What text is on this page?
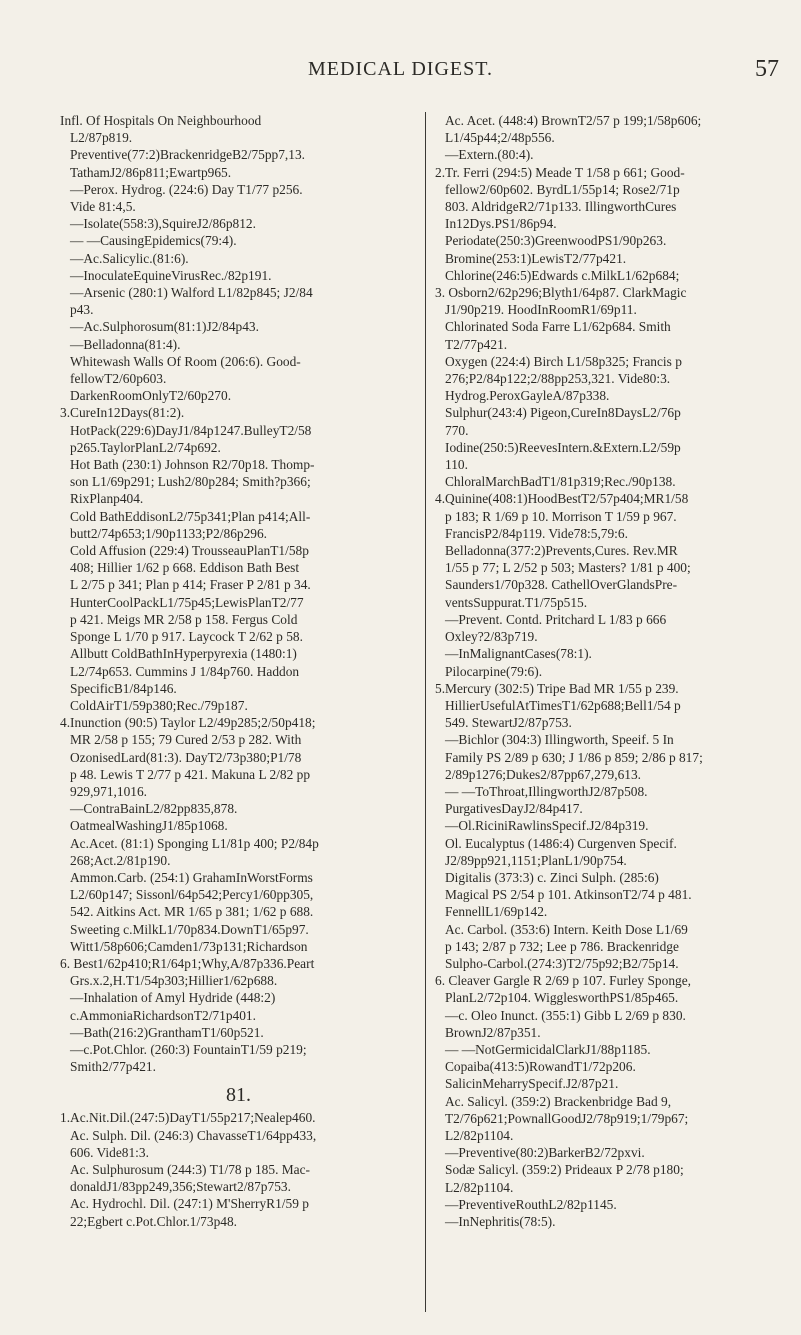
MEDICAL DIGEST.	57
Infl. Of Hospitals On Neighbourhood
L2/87p819.
Preventive(77:2)BrackenridgeB2/75pp7,13.
TathamJ2/86p811;Ewartp965.
—Perox. Hydrog. (224:6) Day T1/77 p256.
Vide 81:4,5.
—Isolate(558:3),SquireJ2/86p812.
— —CausingEpidemics(79:4).
—Ac.Salicylic.(81:6).
—InoculateEquineVirusRec./82p191.
—Arsenic (280:1) Walford L1/82p845; J2/84
p43.
—Ac.Sulphorosum(81:1)J2/84p43.
—Belladonna(81:4).
Whitewash Walls Of Room (206:6). Good-
fellowT2/60p603.
DarkenRoomOnlyT2/60p270.
3.CureIn12Days(81:2).
HotPack(229:6)DayJ1/84p1247.BulleyT2/58
p265.TaylorPlanL2/74p692.
Hot Bath (230:1) Johnson R2/70p18. Thomp-
son L1/69p291; Lush2/80p284; Smith?p366;
RixPlanp404.
Cold BathEddisonL2/75p341;Plan p414;All-
butt2/74p653;1/90p1133;P2/86p296.
Cold Affusion (229:4) TrousseauPlanT1/58p
408; Hillier 1/62 p 668. Eddison Bath Best
L 2/75 p 341; Plan p 414; Fraser P 2/81 p 34.
HunterCoolPackL1/75p45;LewisPlanT2/77
p 421. Meigs MR 2/58 p 158. Fergus Cold
Sponge L 1/70 p 917. Laycock T 2/62 p 58.
Allbutt ColdBathInHyperpyrexia (1480:1)
L2/74p653. Cummins J 1/84p760. Haddon
SpecificB1/84p146.
ColdAirT1/59p380;Rec./79p187.
4.Inunction (90:5) Taylor L2/49p285;2/50p418;
MR 2/58 p 155; 79 Cured 2/53 p 282. With
OzonisedLard(81:3). DayT2/73p380;P1/78
p 48. Lewis T 2/77 p 421. Makuna L 2/82 pp
929,971,1016.
—ContraBainL2/82pp835,878.
OatmealWashingJ1/85p1068.
Ac.Acet. (81:1) Sponging L1/81p 400; P2/84p
268;Act.2/81p190.
Ammon.Carb. (254:1) GrahamInWorstForms
L2/60p147; Sissonl/64p542;Percy1/60pp305,
542. Aitkins Act. MR 1/65 p 381; 1/62 p 688.
Sweeting c.MilkL1/70p834.DownT1/65p97.
Witt1/58p606;Camden1/73p131;Richardson
6. Best1/62p410;R1/64p1;Why,A/87p336.Peart
Grs.x.2,H.T1/54p303;Hillier1/62p688.
—Inhalation of Amyl Hydride (448:2)
c.AmmoniaRichardsonT2/71p401.
—Bath(216:2)GranthamT1/60p521.
—c.Pot.Chlor. (260:3) FountainT1/59 p219;
Smith2/77p421.
81.
1.Ac.Nit.Dil.(247:5)DayT1/55p217;Nealep460.
Ac. Sulph. Dil. (246:3) ChavasseT1/64pp433,
606. Vide81:3.
Ac. Sulphurosum (244:3) T1/78 p 185. Mac-
donaldJ1/83pp249,356;Stewart2/87p753.
Ac. Hydrochl. Dil. (247:1) M'SherryR1/59 p
22;Egbert c.Pot.Chlor.1/73p48.
Ac. Acet. (448:4) BrownT2/57 p 199;1/58p606;
L1/45p44;2/48p556.
—Extern.(80:4).
2.Tr. Ferri (294:5) Meade T 1/58 p 661; Good-
fellow2/60p602. ByrdL1/55p14; Rose2/71p
803. AldridgeR2/71p133. IllingworthCures
In12Dys.PS1/86p94.
Periodate(250:3)GreenwoodPS1/90p263.
Bromine(253:1)LewisT2/77p421.
Chlorine(246:5)Edwards c.MilkL1/62p684;
3. Osborn2/62p296;Blyth1/64p87. ClarkMagic
J1/90p219. HoodInRoomR1/69p11.
Chlorinated Soda Farre L1/62p684. Smith
T2/77p421.
Oxygen (224:4) Birch L1/58p325; Francis p
276;P2/84p122;2/88pp253,321. Vide80:3.
Hydrog.PeroxGayleA/87p338.
Sulphur(243:4) Pigeon,CureIn8DaysL2/76p
770.
Iodine(250:5)ReevesIntern.&Extern.L2/59p
110.
ChloralMarchBadT1/81p319;Rec./90p138.
4.Quinine(408:1)HoodBestT2/57p404;MR1/58
p 183; R 1/69 p 10. Morrison T 1/59 p 967.
FrancisP2/84p119. Vide78:5,79:6.
Belladonna(377:2)Prevents,Cures. Rev.MR
1/55 p 77; L 2/52 p 503; Masters? 1/81 p 400;
Saunders1/70p328. CathellOverGlandsPre-
ventsSuppurat.T1/75p515.
—Prevent. Contd. Pritchard L 1/83 p 666
Oxley?2/83p719.
—InMalignantCases(78:1).
Pilocarpine(79:6).
5.Mercury (302:5) Tripe Bad MR 1/55 p 239.
HillierUsefulAtTimesT1/62p688;Bell1/54 p
549. StewartJ2/87p753.
—Bichlor (304:3) Illingworth, Speeif. 5 In
Family PS 2/89 p 630; J 1/86 p 859; 2/86 p 817;
2/89p1276;Dukes2/87pp67,279,613.
— —ToThroat,IllingworthJ2/87p508.
PurgativesDayJ2/84p417.
—Ol.RiciniRawlinsSpecif.J2/84p319.
Ol. Eucalyptus (1486:4) Curgenven Specif.
J2/89pp921,1151;PlanL1/90p754.
Digitalis (373:3) c. Zinci Sulph. (285:6)
Magical PS 2/54 p 101. AtkinsonT2/74 p 481.
FennellL1/69p142.
Ac. Carbol. (353:6) Intern. Keith Dose L1/69
p 143; 2/87 p 732; Lee p 786. Brackenridge
Sulpho-Carbol.(274:3)T2/75p92;B2/75p14.
6. Cleaver Gargle R 2/69 p 107. Furley Sponge,
PlanL2/72p104. WigglesworthPS1/85p465.
—c. Oleo Inunct. (355:1) Gibb L 2/69 p 830.
BrownJ2/87p351.
— —NotGermicidalClarkJ1/88p1185.
Copaiba(413:5)RowandT1/72p206.
SalicinMeharrySpecif.J2/87p21.
Ac. Salicyl. (359:2) Brackenbridge Bad 9,
T2/76p621;PownallGoodJ2/78p919;1/79p67;
L2/82p1104.
—Preventive(80:2)BarkerB2/72pxvi.
Sodæ Salicyl. (359:2) Prideaux P 2/78 p180;
L2/82p1104.
—PreventiveRouthL2/82p1145.
—InNephritis(78:5).
